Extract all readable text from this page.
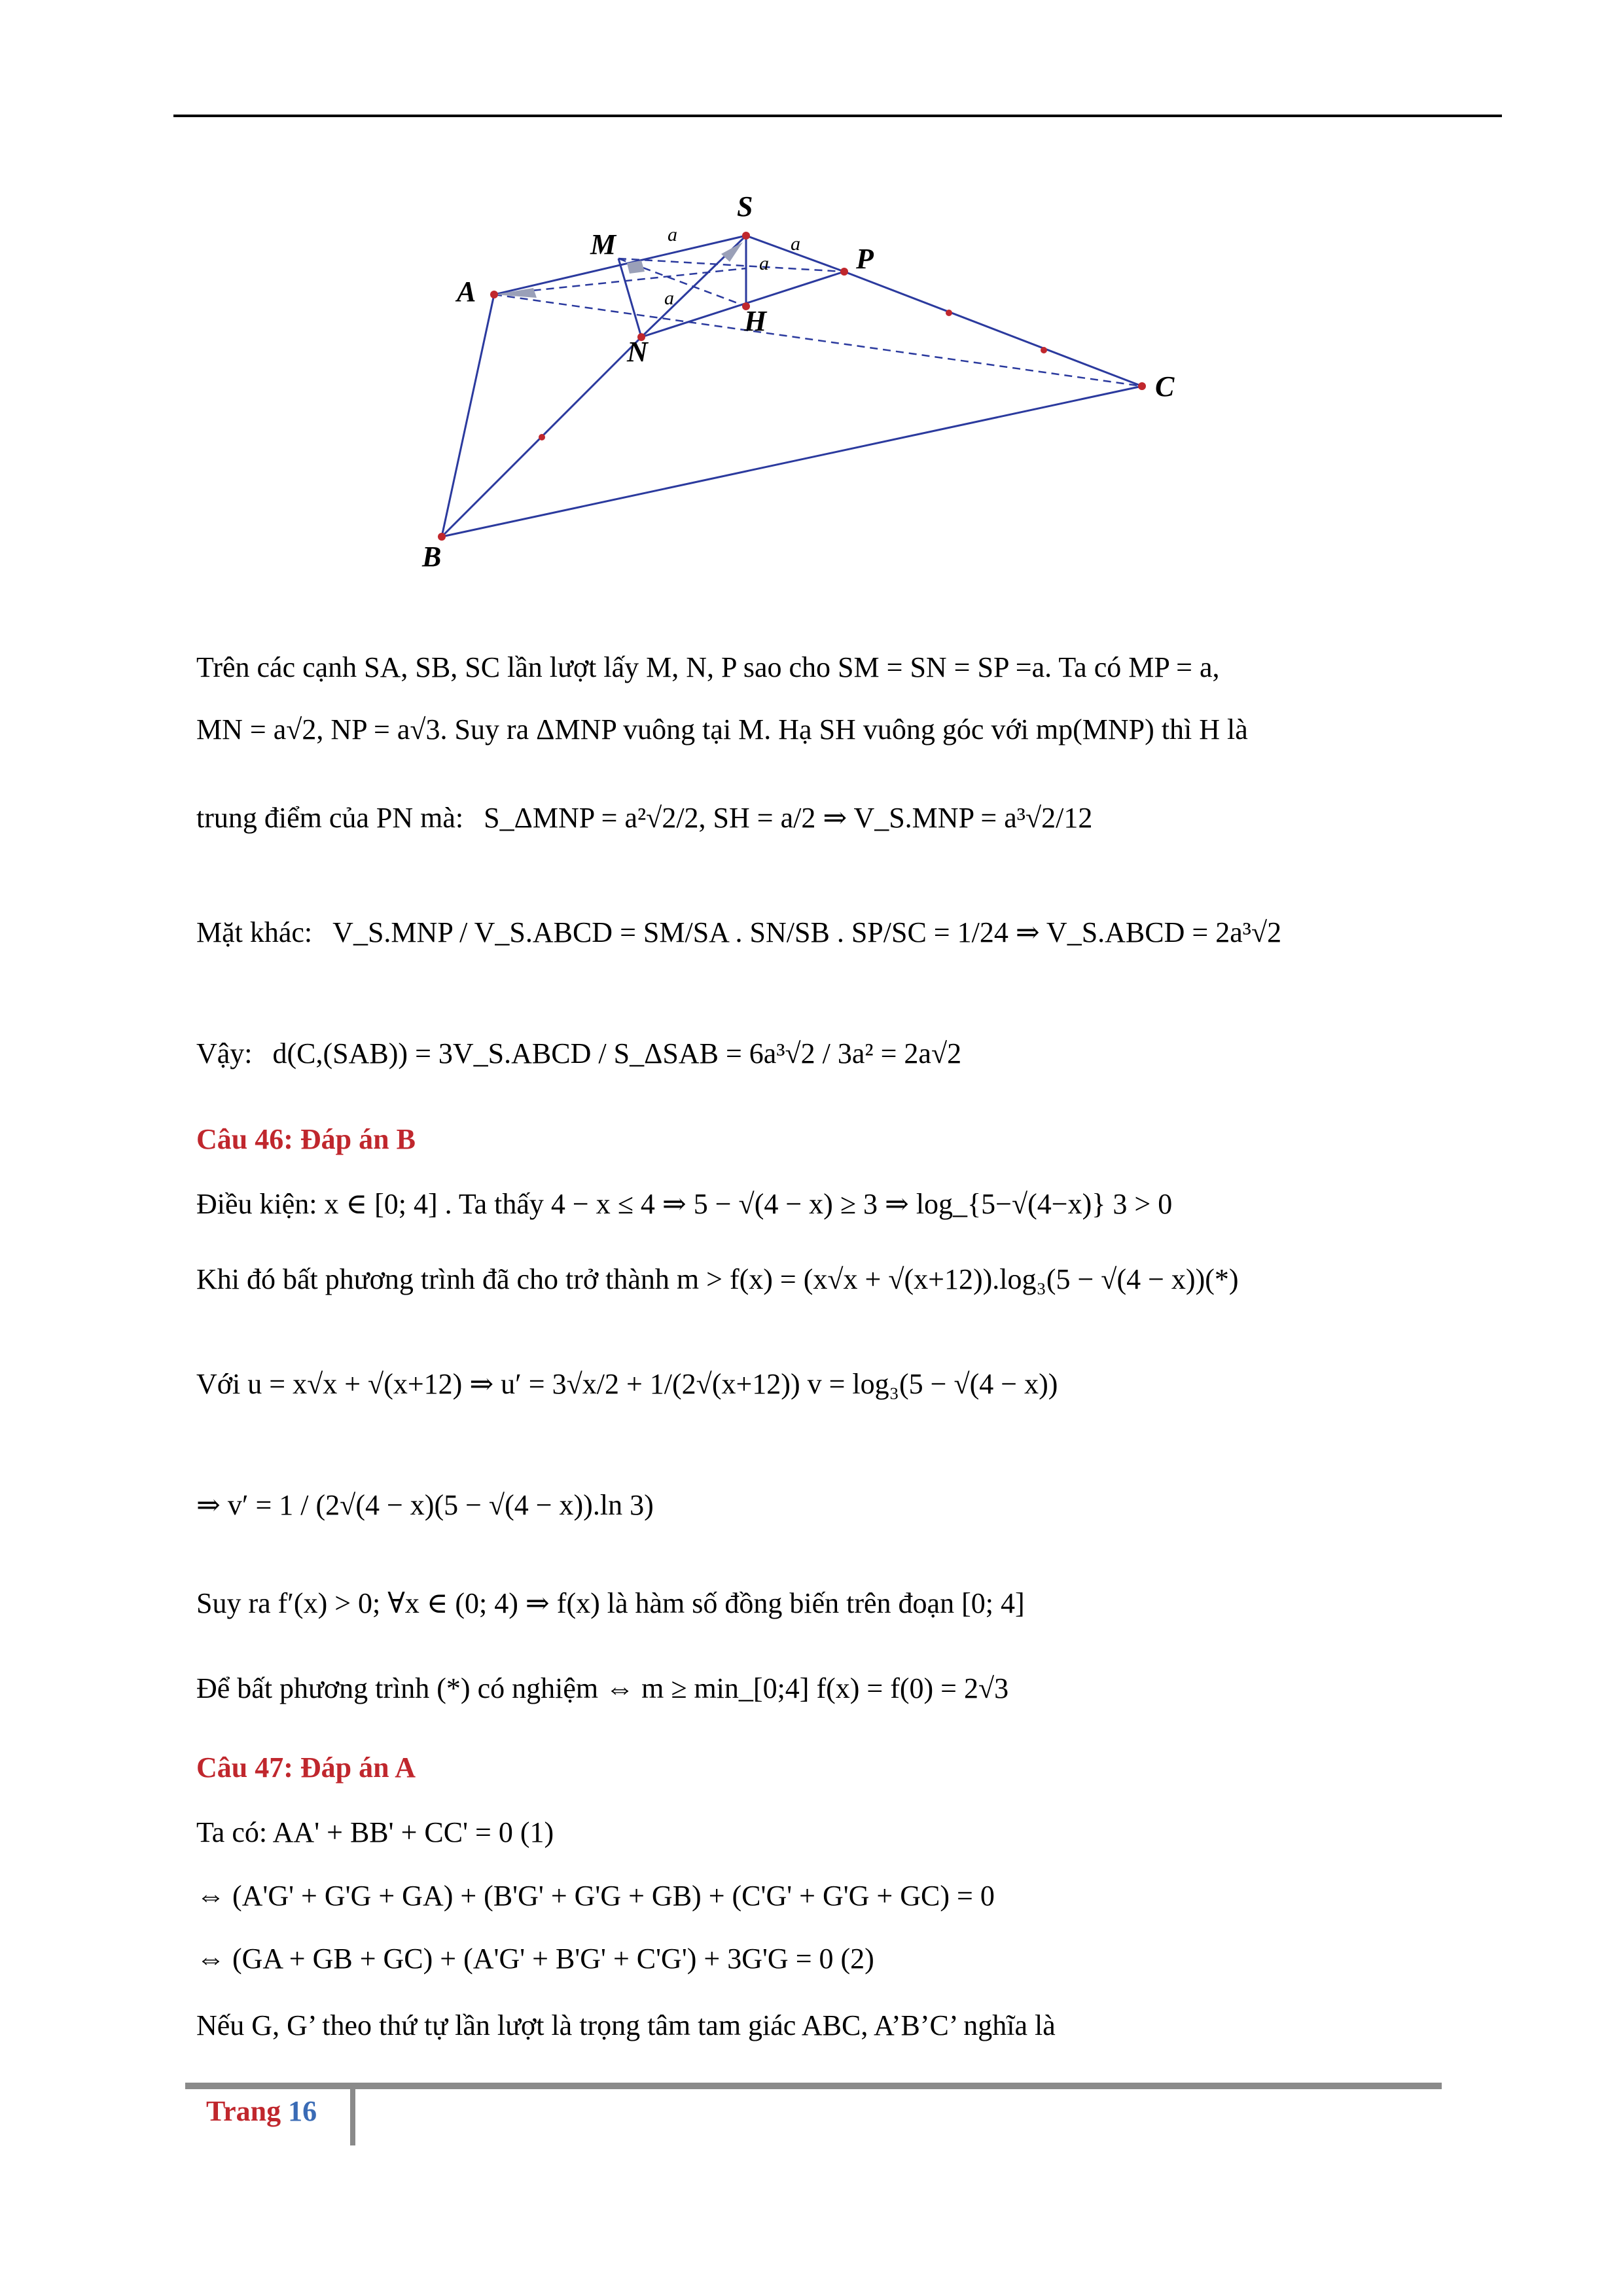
S
M	P
A
H
N
C
B
a	a
a
a
Trên các cạnh SA, SB, SC lần lượt lấy M, N, P sao cho SM = SN = SP =a. Ta có MP = a,
MN = a√2, NP = a√3. Suy ra ΔMNP vuông tại M. Hạ SH vuông góc với mp(MNP) thì H là
trung điểm của PN mà: S_ΔMNP = a²√2/2, SH = a/2 ⇒ V_S.MNP = a³√2/12
Mặt khác: V_S.MNP / V_S.ABCD = SM/SA . SN/SB . SP/SC = 1/24 ⇒ V_S.ABCD = 2a³√2
Vậy: d(C,(SAB)) = 3V_S.ABCD / S_ΔSAB = 6a³√2 / 3a² = 2a√2
Câu 46: Đáp án B
Điều kiện: x ∈ [0; 4] . Ta thấy 4 − x ≤ 4 ⇒ 5 − √(4 − x) ≥ 3 ⇒ log_{5−√(4−x)} 3 > 0
Khi đó bất phương trình đã cho trở thành m > f(x) = (x√x + √(x+12)).log₃(5 − √(4 − x))(*)
Với u = x√x + √(x+12) ⇒ u′ = 3√x/2 + 1/(2√(x+12)) v = log₃(5 − √(4 − x))
⇒ v′ = 1 / (2√(4 − x)(5 − √(4 − x)).ln 3)
Suy ra f′(x) > 0; ∀x ∈ (0; 4) ⇒ f(x) là hàm số đồng biến trên đoạn [0; 4]
Để bất phương trình (*) có nghiệm ⇔ m ≥ min_[0;4] f(x) = f(0) = 2√3
Câu 47: Đáp án A
Ta có: AA' + BB' + CC' = 0 (1)
⇔ (A'G' + G'G + GA) + (B'G' + G'G + GB) + (C'G' + G'G + GC) = 0
⇔ (GA + GB + GC) + (A'G' + B'G' + C'G') + 3G'G = 0 (2)
Nếu G, G’ theo thứ tự lần lượt là trọng tâm tam giác ABC, A’B’C’ nghĩa là
Trang 16
